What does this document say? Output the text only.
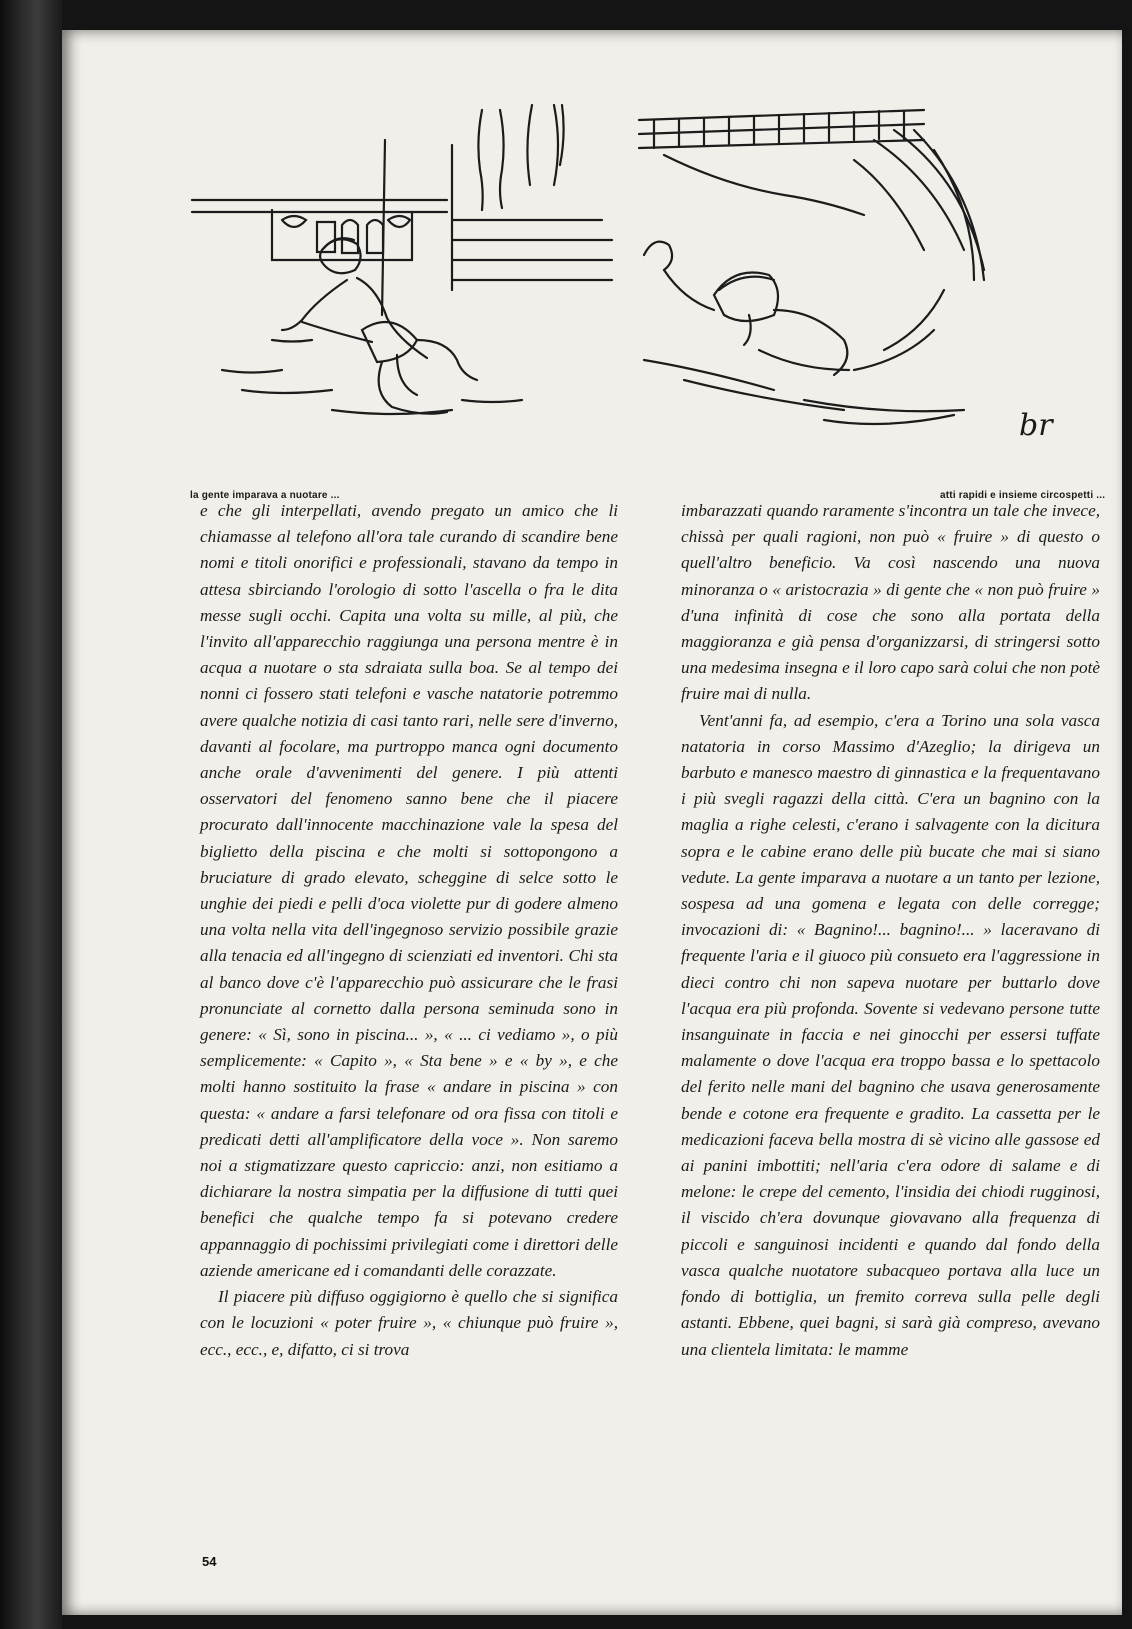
br
la gente imparava a nuotare ...	atti rapidi e insieme circospetti ...
54

e che gli interpellati, avendo pregato un amico che li chiamasse al telefono all'ora tale curando di scandire bene nomi e titoli onorifici e professionali, stavano da tempo in attesa sbirciando l'orologio di sotto l'ascella o fra le dita messe sugli occhi. Capita una volta su mille, al più, che l'invito all'apparecchio raggiunga una persona mentre è in acqua a nuotare o sta sdraiata sulla boa. Se al tempo dei nonni ci fossero stati telefoni e vasche natatorie potremmo avere qualche notizia di casi tanto rari, nelle sere d'inverno, davanti al focolare, ma purtroppo manca ogni documento anche orale d'avvenimenti del genere. I più attenti osservatori del fenomeno sanno bene che il piacere procurato dall'innocente macchinazione vale la spesa del biglietto della piscina e che molti si sottopongono a bruciature di grado elevato, scheggine di selce sotto le unghie dei piedi e pelli d'oca violette pur di godere almeno una volta nella vita dell'ingegnoso servizio possibile grazie alla tenacia ed all'ingegno di scienziati ed inventori. Chi sta al banco dove c'è l'apparecchio può assicurare che le frasi pronunciate al cornetto dalla persona seminuda sono in genere: « Sì, sono in piscina... », « ... ci vediamo », o più semplicemente: « Capito », « Sta bene » e « by », e che molti hanno sostituito la frase « andare in piscina » con questa: « andare a farsi telefonare od ora fissa con titoli e predicati detti all'amplificatore della voce ». Non saremo noi a stigmatizzare questo capriccio: anzi, non esitiamo a dichiarare la nostra simpatia per la diffusione di tutti quei benefici che qualche tempo fa si potevano credere appannaggio di pochissimi privilegiati come i direttori delle aziende americane ed i comandanti delle corazzate.

Il piacere più diffuso oggigiorno è quello che si significa con le locuzioni « poter fruire », « chiunque può fruire », ecc., ecc., e, difatto, ci si trova

imbarazzati quando raramente s'incontra un tale che invece, chissà per quali ragioni, non può « fruire » di questo o quell'altro beneficio. Va così nascendo una nuova minoranza o « aristocrazia » di gente che « non può fruire » d'una infinità di cose che sono alla portata della maggioranza e già pensa d'organizzarsi, di stringersi sotto una medesima insegna e il loro capo sarà colui che non potè fruire mai di nulla.

Vent'anni fa, ad esempio, c'era a Torino una sola vasca natatoria in corso Massimo d'Azeglio; la dirigeva un barbuto e manesco maestro di ginnastica e la frequentavano i più svegli ragazzi della città. C'era un bagnino con la maglia a righe celesti, c'erano i salvagente con la dicitura sopra e le cabine erano delle più bucate che mai si siano vedute. La gente imparava a nuotare a un tanto per lezione, sospesa ad una gomena e legata con delle corregge; invocazioni di: « Bagnino!... bagnino!... » laceravano di frequente l'aria e il giuoco più consueto era l'aggressione in dieci contro chi non sapeva nuotare per buttarlo dove l'acqua era più profonda. Sovente si vedevano persone tutte insanguinate in faccia e nei ginocchi per essersi tuffate malamente o dove l'acqua era troppo bassa e lo spettacolo del ferito nelle mani del bagnino che usava generosamente bende e cotone era frequente e gradito. La cassetta per le medicazioni faceva bella mostra di sè vicino alle gassose ed ai panini imbottiti; nell'aria c'era odore di salame e di melone: le crepe del cemento, l'insidia dei chiodi rugginosi, il viscido ch'era dovunque giovavano alla frequenza di piccoli e sanguinosi incidenti e quando dal fondo della vasca qualche nuotatore subacqueo portava alla luce un fondo di bottiglia, un fremito correva sulla pelle degli astanti. Ebbene, quei bagni, si sarà già compreso, avevano una clientela limitata: le mamme
